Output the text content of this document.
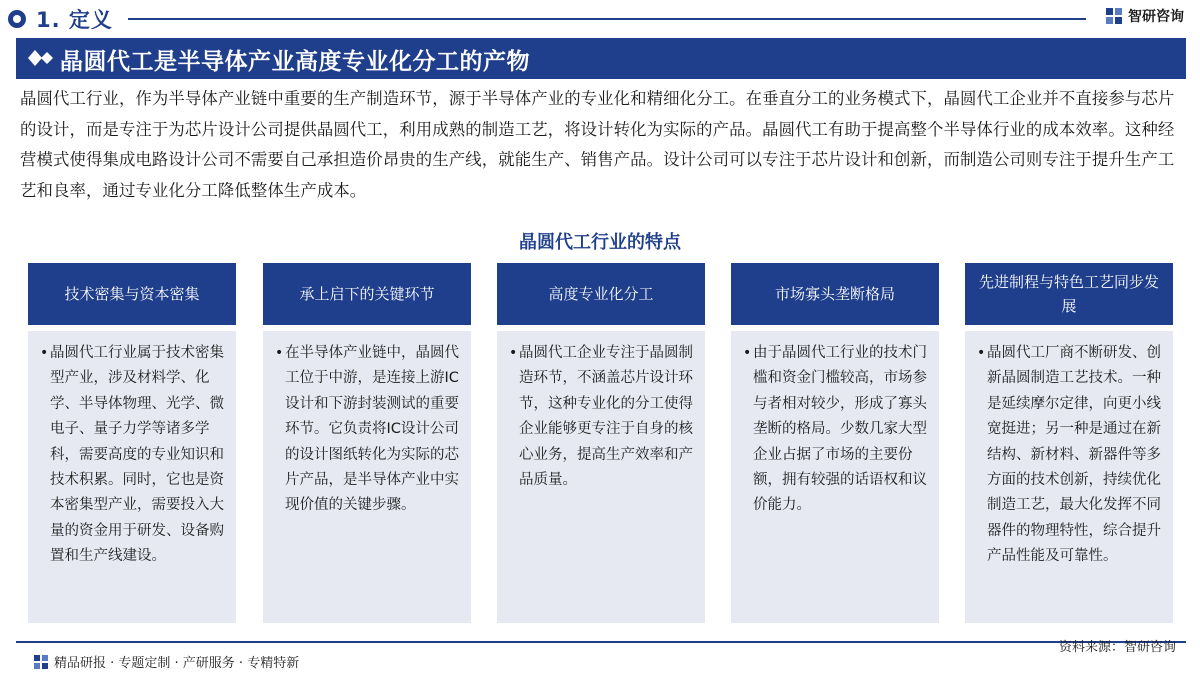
1. 定义	智研咨询
晶圆代工是半导体产业高度专业化分工的产物
晶圆代工行业，作为半导体产业链中重要的生产制造环节，源于半导体产业的专业化和精细化分工。在垂直分工的业务模式下，晶圆代工企业并不直接参与芯片的设计，而是专注于为芯片设计公司提供晶圆代工，利用成熟的制造工艺，将设计转化为实际的产品。晶圆代工有助于提高整个半导体行业的成本效率。这种经营模式使得集成电路设计公司不需要自己承担造价昂贵的生产线，就能生产、销售产品。设计公司可以专注于芯片设计和创新，而制造公司则专注于提升生产工艺和良率，通过专业化分工降低整体生产成本。
晶圆代工行业的特点
技术密集与资本密集
• 晶圆代工行业属于技术密集型产业，涉及材料学、化学、半导体物理、光学、微电子、量子力学等诸多学科，需要高度的专业知识和技术积累。同时，它也是资本密集型产业，需要投入大量的资金用于研发、设备购置和生产线建设。
承上启下的关键环节
• 在半导体产业链中，晶圆代工位于中游，是连接上游IC设计和下游封装测试的重要环节。它负责将IC设计公司的设计图纸转化为实际的芯片产品，是半导体产业中实现价值的关键步骤。
高度专业化分工
• 晶圆代工企业专注于晶圆制造环节，不涵盖芯片设计环节，这种专业化的分工使得企业能够更专注于自身的核心业务，提高生产效率和产品质量。
市场寡头垄断格局
• 由于晶圆代工行业的技术门槛和资金门槛较高，市场参与者相对较少，形成了寡头垄断的格局。少数几家大型企业占据了市场的主要份额，拥有较强的话语权和议价能力。
先进制程与特色工艺同步发展
• 晶圆代工厂商不断研发、创新晶圆制造工艺技术。一种是延续摩尔定律，向更小线宽挺进；另一种是通过在新结构、新材料、新器件等多方面的技术创新，持续优化制造工艺，最大化发挥不同器件的物理特性，综合提升产品性能及可靠性。
资料来源：智研咨询
精品研报 · 专题定制 · 产研服务 · 专精特新
